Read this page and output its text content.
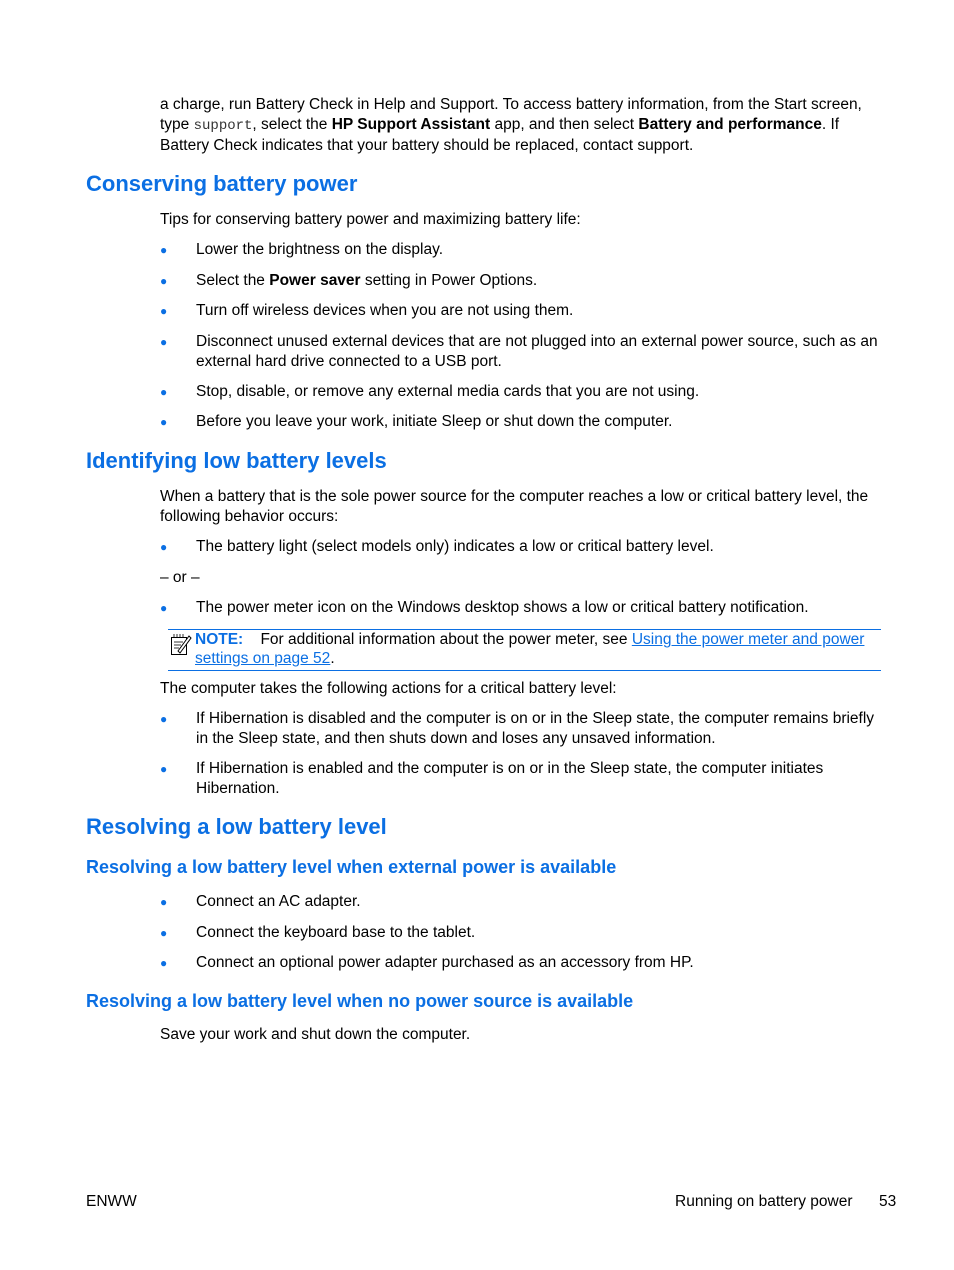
a charge, run Battery Check in Help and Support. To access battery information, from the Start screen, type support, select the HP Support Assistant app, and then select Battery and performance. If Battery Check indicates that your battery should be replaced, contact support.

Conserving battery power

Tips for conserving battery power and maximizing battery life:

●	Lower the brightness on the display.
●	Select the Power saver setting in Power Options.
●	Turn off wireless devices when you are not using them.
●	Disconnect unused external devices that are not plugged into an external power source, such as an external hard drive connected to a USB port.
●	Stop, disable, or remove any external media cards that you are not using.
●	Before you leave your work, initiate Sleep or shut down the computer.
Identifying low battery levels

When a battery that is the sole power source for the computer reaches a low or critical battery level, the following behavior occurs:

●	The battery light (select models only) indicates a low or critical battery level.

– or –

●	The power meter icon on the Windows desktop shows a low or critical battery notification.
NOTE: For additional information about the power meter, see Using the power meter and power settings on page 52.

The computer takes the following actions for a critical battery level:

●	If Hibernation is disabled and the computer is on or in the Sleep state, the computer remains briefly in the Sleep state, and then shuts down and loses any unsaved information.
●	If Hibernation is enabled and the computer is on or in the Sleep state, the computer initiates Hibernation.
Resolving a low battery level
Resolving a low battery level when external power is available
●	Connect an AC adapter.
●	Connect the keyboard base to the tablet.
●	Connect an optional power adapter purchased as an accessory from HP.
Resolving a low battery level when no power source is available

Save your work and shut down the computer.

ENWW	Running on battery power 53
